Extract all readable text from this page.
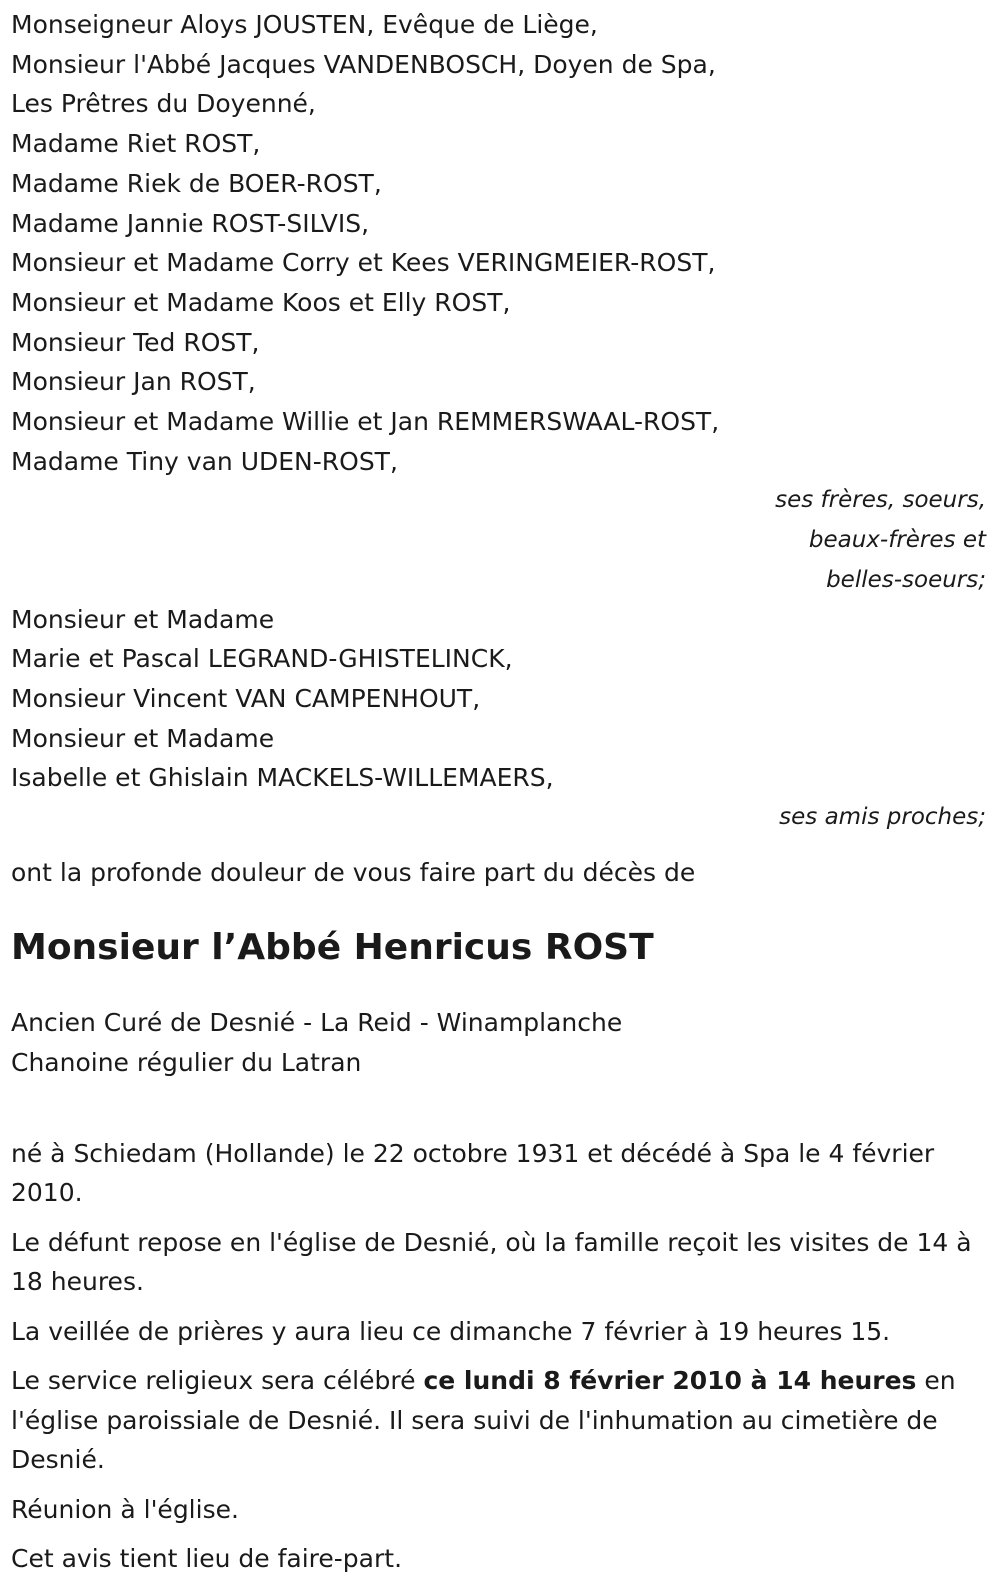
Monseigneur Aloys JOUSTEN, Evêque de Liège,
Monsieur l'Abbé Jacques VANDENBOSCH, Doyen de Spa,
Les Prêtres du Doyenné,
Madame Riet ROST,
Madame Riek de BOER-ROST,
Madame Jannie ROST-SILVIS,
Monsieur et Madame Corry et Kees VERINGMEIER-ROST,
Monsieur et Madame Koos et Elly ROST,
Monsieur Ted ROST,
Monsieur Jan ROST,
Monsieur et Madame Willie et Jan REMMERSWAAL-ROST,
Madame Tiny van UDEN-ROST,
ses frères, soeurs,
beaux-frères et
belles-soeurs;
Monsieur et Madame
Marie et Pascal LEGRAND-GHISTELINCK,
Monsieur Vincent VAN CAMPENHOUT,
Monsieur et Madame
Isabelle et Ghislain MACKELS-WILLEMAERS,
ses amis proches;
ont la profonde douleur de vous faire part du décès de
Monsieur l’Abbé Henricus ROST
Ancien Curé de Desnié - La Reid - Winamplanche
Chanoine régulier du Latran
né à Schiedam (Hollande) le 22 octobre 1931 et décédé à Spa le 4 février 2010.
Le défunt repose en l'église de Desnié, où la famille reçoit les visites de 14 à 18 heures.
La veillée de prières y aura lieu ce dimanche 7 février à 19 heures 15.
Le service religieux sera célébré ce lundi 8 février 2010 à 14 heures en l'église paroissiale de Desnié. Il sera suivi de l'inhumation au cimetière de Desnié.
Réunion à l'église.
Cet avis tient lieu de faire-part.
